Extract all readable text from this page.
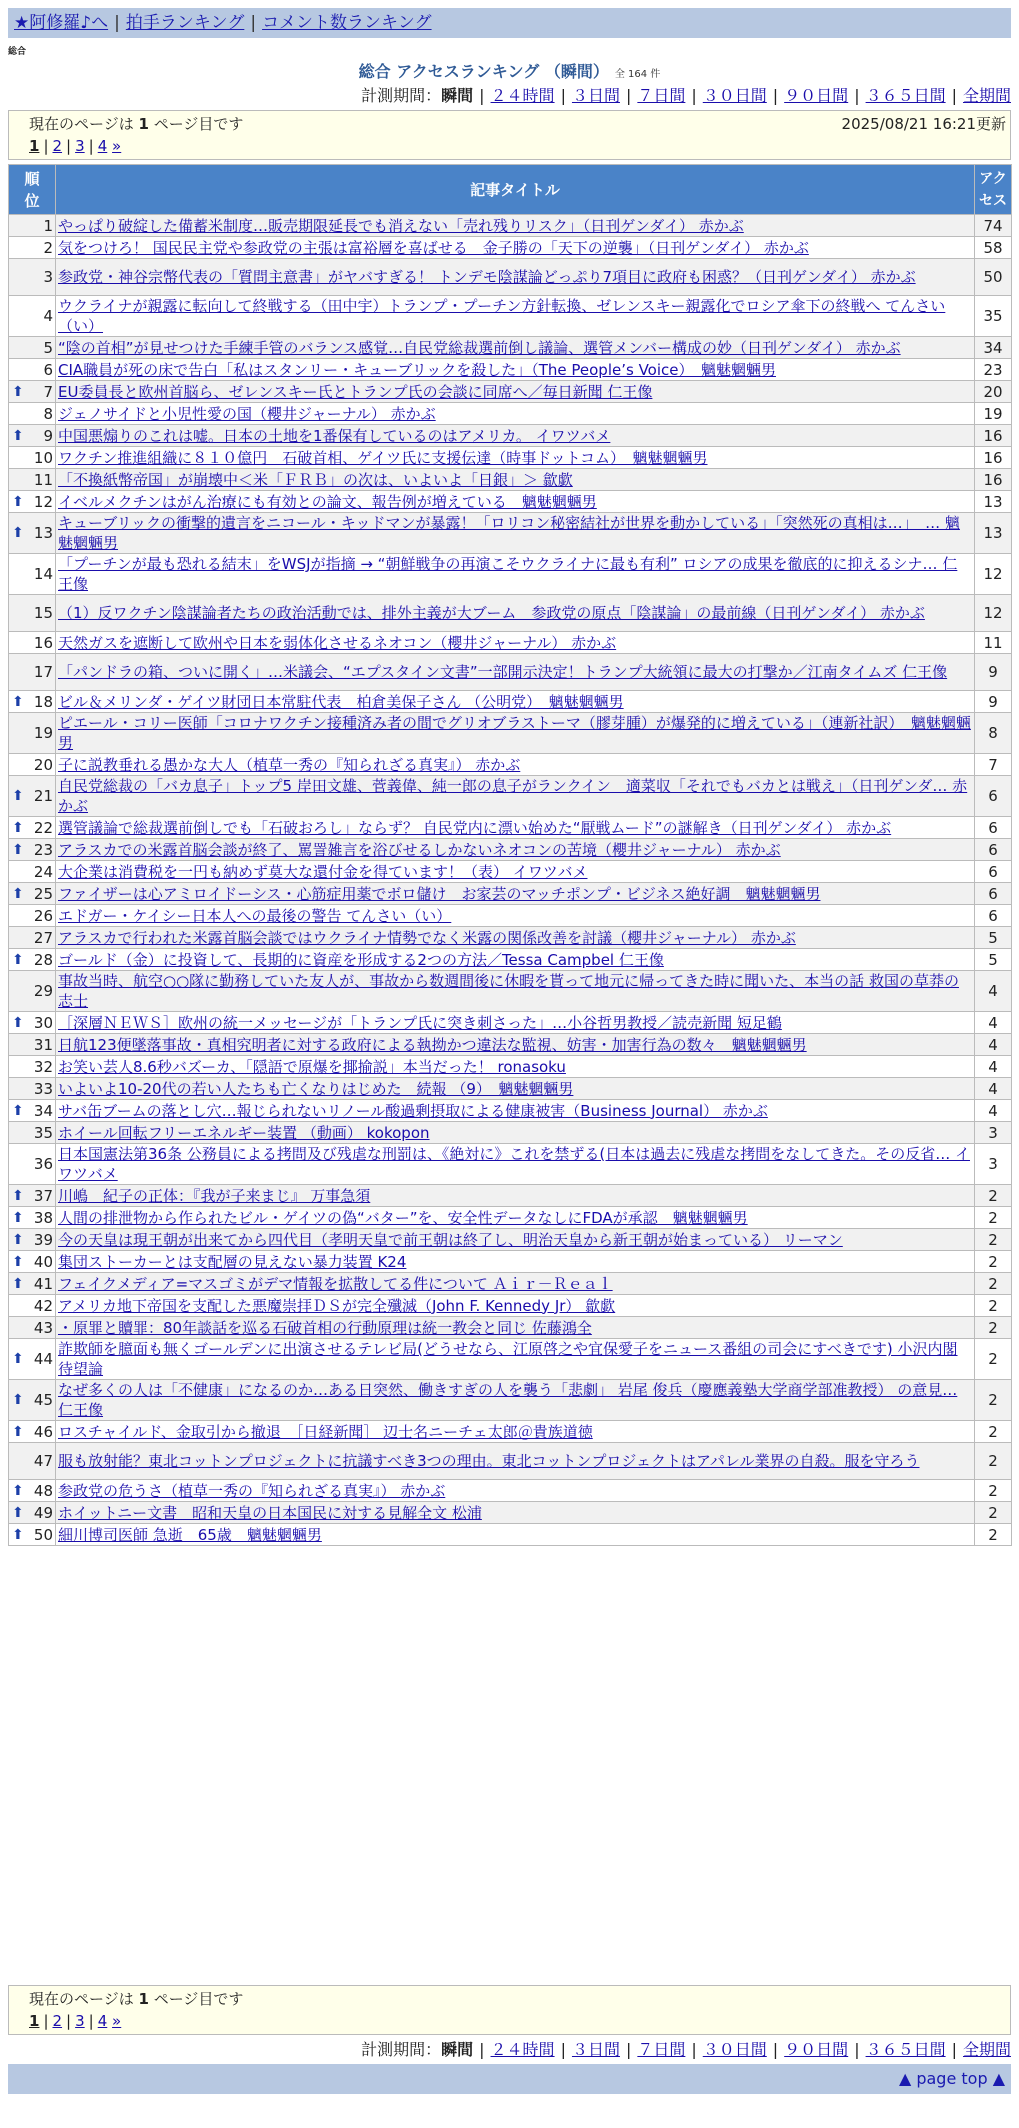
★阿修羅♪へ | 拍手ランキング | コメント数ランキング
総合
総合 アクセスランキング （瞬間） 全 164 件
計測期間：瞬間 | ２４時間 | ３日間 | ７日間 | ３０日間 | ９０日間 | ３６５日間 | 全期間
現在のページは 1 ページ目です	2025/08/21 16:21更新
1 | 2 | 3 | 4 »
順位	記事タイトル	アクセス

1	やっぱり破綻した備蓄米制度…販売期限延長でも消えない「売れ残りリスク」（日刊ゲンダイ） 赤かぶ	74
2	気をつけろ！ 国民民主党や参政党の主張は富裕層を喜ばせる　金子勝の「天下の逆襲」（日刊ゲンダイ） 赤かぶ	58
3	参政党・神谷宗幣代表の「質問主意書」がヤバすぎる！ トンデモ陰謀論どっぷり7項目に政府も困惑？（日刊ゲンダイ） 赤かぶ	50
4	ウクライナが親露に転向して終戦する（田中宇）トランプ・プーチン方針転換、ゼレンスキー親露化でロシア傘下の終戦へ てんさい（い）	35
5	“陰の首相”が見せつけた手練手管のバランス感覚…自民党総裁選前倒し議論、選管メンバー構成の妙（日刊ゲンダイ） 赤かぶ	34
6	CIA職員が死の床で告白「私はスタンリー・キューブリックを殺した」（The People’s Voice）　魑魅魍魎男	23

⬆ 7	EU委員長と欧州首脳ら、ゼレンスキー氏とトランプ氏の会談に同席へ／毎日新聞 仁王像	20
8	ジェノサイドと小児性愛の国（櫻井ジャーナル） 赤かぶ	19

⬆ 9	中国悪煽りのこれは嘘。日本の土地を1番保有しているのはアメリカ。 イワツバメ	16
10	ワクチン推進組織に８１０億円　石破首相、ゲイツ氏に支援伝達（時事ドットコム）　魑魅魍魎男	16
11	「不換紙幣帝国」が崩壊中＜米「ＦＲＢ」の次は、いよいよ「日銀」＞ 歙歔	16

⬆ 12	イベルメクチンはがん治療にも有効との論文、報告例が増えている　魑魅魍魎男	13

⬆ 13	キューブリックの衝撃的遺言をニコール・キッドマンが暴露！「ロリコン秘密結社が世界を動かしている」「突然死の真相は…」　… 魑魅魍魎男	13
14	「プーチンが最も恐れる結末」をWSJが指摘 → “朝鮮戦争の再演こそウクライナに最も有利” ロシアの成果を徹底的に抑えるシナ… 仁王像	12
15	（1）反ワクチン陰謀論者たちの政治活動では、排外主義が大ブーム　参政党の原点「陰謀論」の最前線（日刊ゲンダイ） 赤かぶ	12
16	天然ガスを遮断して欧州や日本を弱体化させるネオコン（櫻井ジャーナル） 赤かぶ	11
17	「パンドラの箱、ついに開く」…米議会、“エプスタイン文書”一部開示決定！トランプ大統領に最大の打撃か／江南タイムズ 仁王像	9

⬆ 18	ビル＆メリンダ・ゲイツ財団日本常駐代表　柏倉美保子さん （公明党）　魑魅魍魎男	9
19	ピエール・コリー医師「コロナワクチン接種済み者の間でグリオブラストーマ（膠芽腫）が爆発的に増えている」（連新社訳）　魑魅魍魎男	8
20	子に説教垂れる愚かな大人（植草一秀の『知られざる真実』） 赤かぶ	7

⬆ 21	自民党総裁の「バカ息子」トップ5 岸田文雄、菅義偉、純一郎の息子がランクイン　適菜収「それでもバカとは戦え」（日刊ゲンダ… 赤かぶ	6

⬆ 22	選管議論で総裁選前倒しでも「石破おろし」ならず？ 自民党内に漂い始めた“厭戦ムード”の謎解き（日刊ゲンダイ） 赤かぶ	6

⬆ 23	アラスカでの米露首脳会談が終了、罵詈雑言を浴びせるしかないネオコンの苦境（櫻井ジャーナル） 赤かぶ	6
24	大企業は消費税を一円も納めず莫大な還付金を得ています！（表） イワツバメ	6

⬆ 25	ファイザーは心アミロイドーシス・心筋症用薬でボロ儲け　お家芸のマッチポンプ・ビジネス絶好調　魑魅魍魎男	6
26	エドガー・ケイシー日本人への最後の警告 てんさい（い）	6
27	アラスカで行われた米露首脳会談ではウクライナ情勢でなく米露の関係改善を討議（櫻井ジャーナル） 赤かぶ	5

⬆ 28	ゴールド（金）に投資して、長期的に資産を形成する2つの方法／Tessa Campbel 仁王像	5
29	事故当時、航空○○隊に勤務していた友人が、事故から数週間後に休暇を貰って地元に帰ってきた時に聞いた、本当の話 救国の草莽の志士	4

⬆ 30	［深層ＮＥＷＳ］欧州の統一メッセージが「トランプ氏に突き刺さった」…小谷哲男教授／読売新聞 短足鶴	4
31	日航123便墜落事故・真相究明者に対する政府による執拗かつ違法な監視、妨害・加害行為の数々　魑魅魍魎男	4
32	お笑い芸人8.6秒バズーカ、「隠語で原爆を揶揄説」本当だった！ ronasoku	4
33	いよいよ10-20代の若い人たちも亡くなりはじめた　続報 （9）　魑魅魍魎男	4

⬆ 34	サバ缶ブームの落とし穴…報じられないリノール酸過剰摂取による健康被害（Business Journal） 赤かぶ	4
35	ホイール回転フリーエネルギー装置 （動画） kokopon	3
36	日本国憲法第36条 公務員による拷問及び残虐な刑罰は、《絶対に》これを禁ずる(日本は過去に残虐な拷問をなしてきた。その反省… イワツバメ	3

⬆ 37	川嶋　紀子の正体：『我が子来まじ』 万事急須	2

⬆ 38	人間の排泄物から作られたビル・ゲイツの偽“バター”を、安全性データなしにFDAが承認　魑魅魍魎男	2

⬆ 39	今の天皇は現王朝が出来てから四代目（孝明天皇で前王朝は終了し、明治天皇から新王朝が始まっている） リーマン	2

⬆ 40	集団ストーカーとは支配層の見えない暴力装置 K24	2

⬆ 41	フェイクメディア=マスゴミがデマ情報を拡散してる件について Ａｉｒ－Ｒｅａｌ	2
42	アメリカ地下帝国を支配した悪魔崇拝ＤＳが完全殲滅（John F. Kennedy Jr） 歙歔	2
43	・原罪と贖罪：80年談話を巡る石破首相の行動原理は統一教会と同じ 佐藤鴻全	2

⬆ 44	詐欺師を臆面も無くゴールデンに出演させるテレビ局(どうせなら、江原啓之や宜保愛子をニュース番組の司会にすべきです) 小沢内閣待望論	2

⬆ 45	なぜ多くの人は「不健康」になるのか…ある日突然、働きすぎの人を襲う「悲劇」 岩尾 俊兵（慶應義塾大学商学部准教授） の意見… 仁王像	2

⬆ 46	ロスチャイルド、金取引から撤退　［日経新聞］ 辺士名ニーチェ太郎＠貴族道徳	2
47	服も放射能？東北コットンプロジェクトに抗議すべき3つの理由。東北コットンプロジェクトはアパレル業界の自殺。服を守ろう	2

⬆ 48	参政党の危うさ（植草一秀の『知られざる真実』） 赤かぶ	2

⬆ 49	ホイットニー文書　昭和天皇の日本国民に対する見解全文 松浦	2

⬆ 50	細川博司医師 急逝　65歳　魑魅魍魎男	2
現在のページは 1 ページ目です
1 | 2 | 3 | 4 »
計測期間：瞬間 | ２４時間 | ３日間 | ７日間 | ３０日間 | ９０日間 | ３６５日間 | 全期間
▲ page top ▲
